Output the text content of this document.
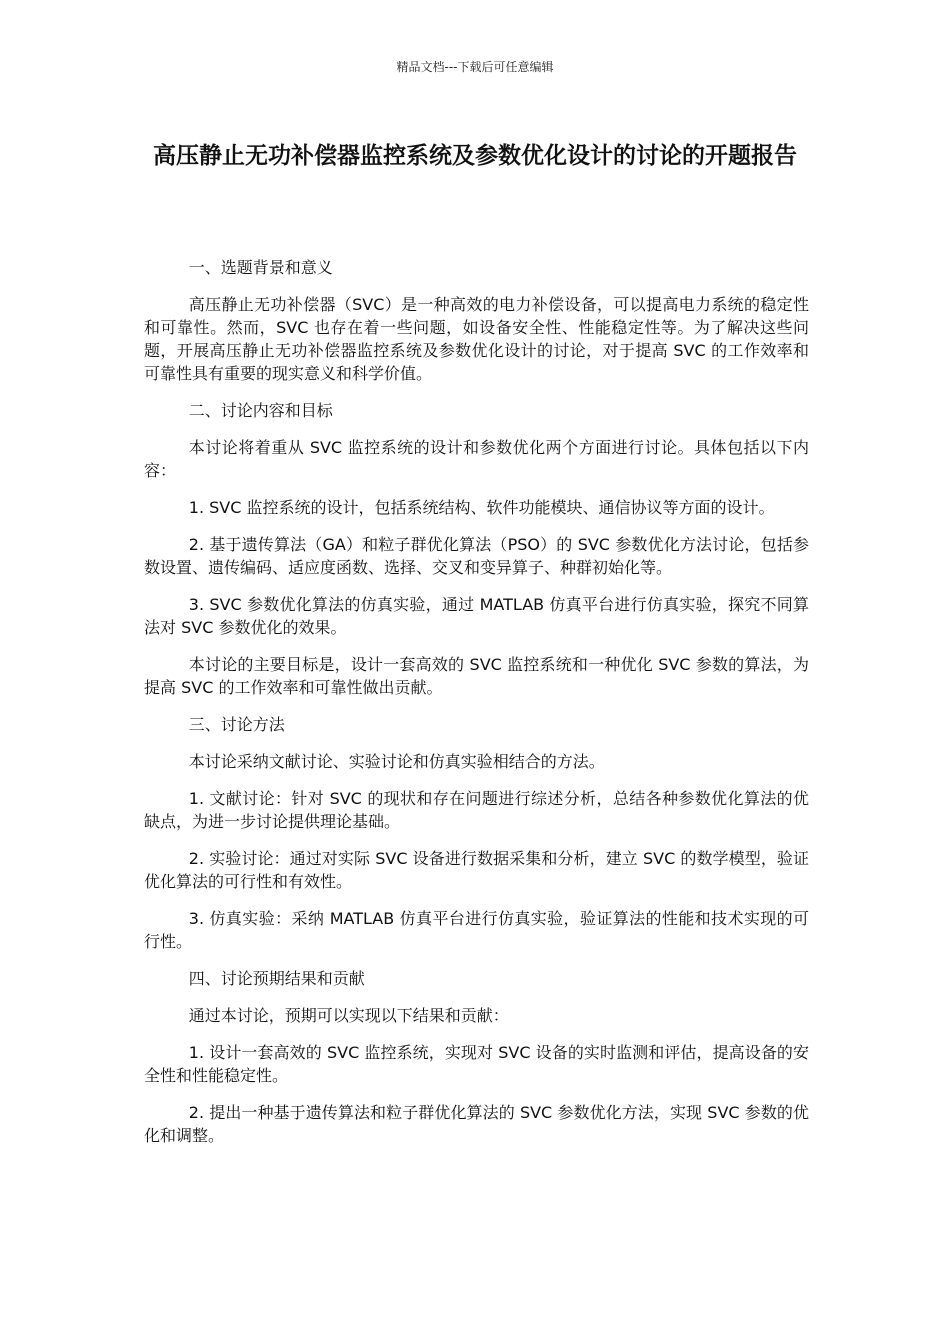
精品文档---下载后可任意编辑
高压静止无功补偿器监控系统及参数优化设计的讨论的开题报告

一、选题背景和意义

高压静止无功补偿器（SVC）是一种高效的电力补偿设备，可以提高电力系统的稳定性和可靠性。然而，SVC 也存在着一些问题，如设备安全性、性能稳定性等。为了解决这些问题，开展高压静止无功补偿器监控系统及参数优化设计的讨论，对于提高 SVC 的工作效率和可靠性具有重要的现实意义和科学价值。

二、讨论内容和目标

本讨论将着重从 SVC 监控系统的设计和参数优化两个方面进行讨论。具体包括以下内容：

1. SVC 监控系统的设计，包括系统结构、软件功能模块、通信协议等方面的设计。

2. 基于遗传算法（GA）和粒子群优化算法（PSO）的 SVC 参数优化方法讨论，包括参数设置、遗传编码、适应度函数、选择、交叉和变异算子、种群初始化等。

3. SVC 参数优化算法的仿真实验，通过 MATLAB 仿真平台进行仿真实验，探究不同算法对 SVC 参数优化的效果。

本讨论的主要目标是，设计一套高效的 SVC 监控系统和一种优化 SVC 参数的算法，为提高 SVC 的工作效率和可靠性做出贡献。

三、讨论方法

本讨论采纳文献讨论、实验讨论和仿真实验相结合的方法。

1. 文献讨论：针对 SVC 的现状和存在问题进行综述分析，总结各种参数优化算法的优缺点，为进一步讨论提供理论基础。

2. 实验讨论：通过对实际 SVC 设备进行数据采集和分析，建立 SVC 的数学模型，验证优化算法的可行性和有效性。

3. 仿真实验：采纳 MATLAB 仿真平台进行仿真实验，验证算法的性能和技术实现的可行性。

四、讨论预期结果和贡献

通过本讨论，预期可以实现以下结果和贡献：

1. 设计一套高效的 SVC 监控系统，实现对 SVC 设备的实时监测和评估，提高设备的安全性和性能稳定性。

2. 提出一种基于遗传算法和粒子群优化算法的 SVC 参数优化方法，实现 SVC 参数的优化和调整。
